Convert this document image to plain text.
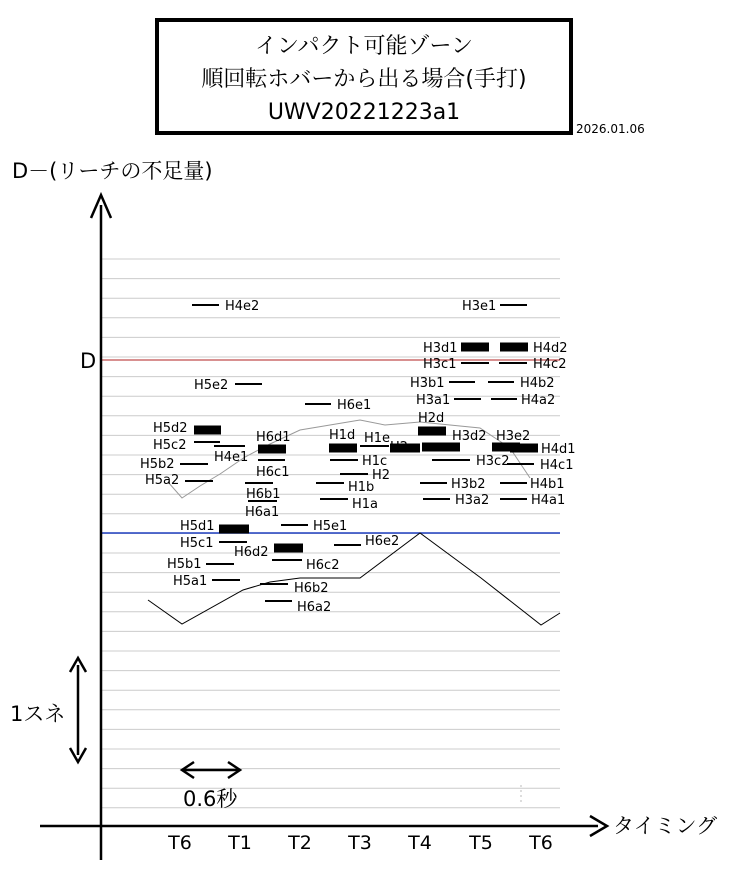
インパクト可能ゾーン
順回転ホバーから出る場合(手打)
UWV20221223a1
2026.01.06
D－(リーチの不足量)
D
タイミング
T6 T1 T2 T3 T4 T5 T6
1スネ
0.6秒
H4e2	H3e1
H3d1	H4d2
H3c1	H4c2
H5e2	H3b1	H4b2
H3a1	H4a2
H6e1
H2d
H5d2
H6d1	H1d H1e	H3d2 H3e2
H5c2	H2c	H4d1
H4e1	H1c
H5b2	H3c2 H4c1
H6c1	H2
H5a2	H1b	H3b2	H4b1
H6b1
H1a	H3a2	H4a1
H6a1
H5d1	H5e1
H5c1	H6e2
H6d2
H5b1	H6c2
H5a1	H6b2
H6a2
